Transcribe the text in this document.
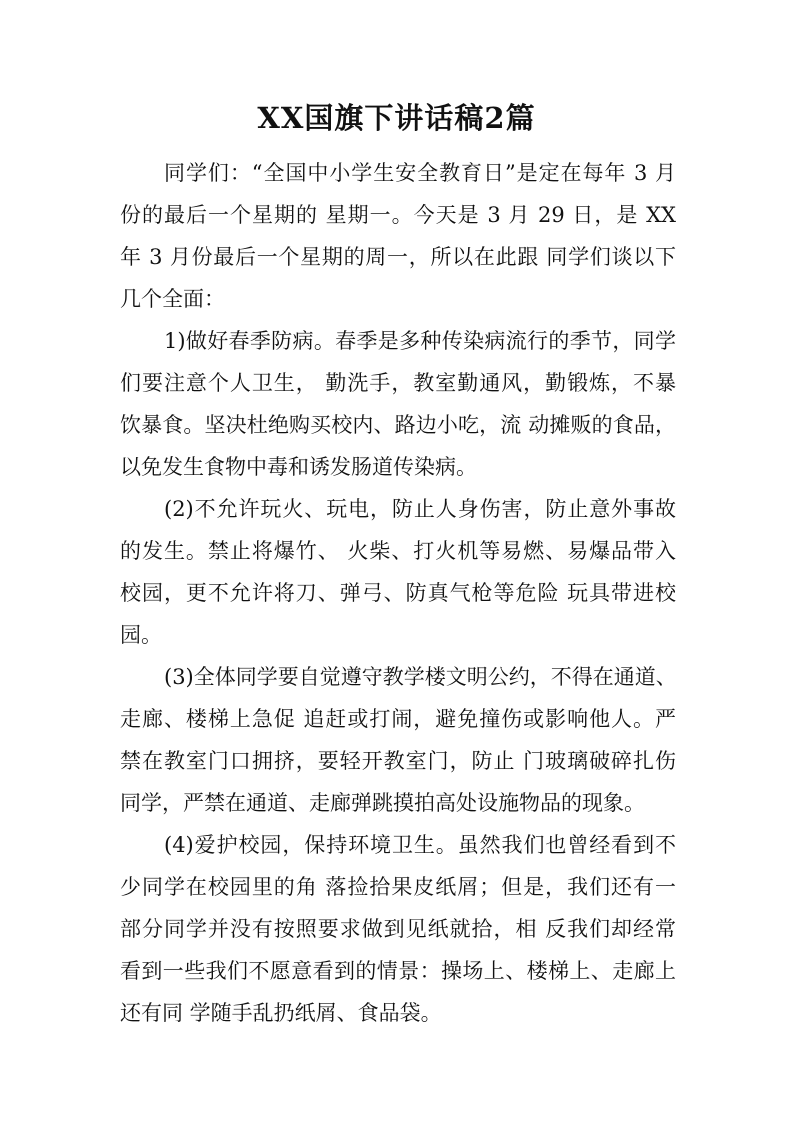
XX国旗下讲话稿2篇
同学们：“全国中小学生安全教育日”是定在每年 3 月
份的最后一个星期的 星期一。今天是 3 月 29 日，是 XX
年 3 月份最后一个星期的周一，所以在此跟 同学们谈以下
几个全面：
1)做好春季防病。春季是多种传染病流行的季节，同学
们要注意个人卫生， 勤洗手，教室勤通风，勤锻炼，不暴
饮暴食。坚决杜绝购买校内、路边小吃，流 动摊贩的食品，
以免发生食物中毒和诱发肠道传染病。
(2)不允许玩火、玩电，防止人身伤害，防止意外事故
的发生。禁止将爆竹、 火柴、打火机等易燃、易爆品带入
校园，更不允许将刀、弹弓、防真气枪等危险 玩具带进校
园。
(3)全体同学要自觉遵守教学楼文明公约，不得在通道、
走廊、楼梯上急促 追赶或打闹，避免撞伤或影响他人。严
禁在教室门口拥挤，要轻开教室门，防止 门玻璃破碎扎伤
同学，严禁在通道、走廊弹跳摸拍高处设施物品的现象。
(4)爱护校园，保持环境卫生。虽然我们也曾经看到不
少同学在校园里的角 落捡拾果皮纸屑；但是，我们还有一
部分同学并没有按照要求做到见纸就拾，相 反我们却经常
看到一些我们不愿意看到的情景：操场上、楼梯上、走廊上
还有同 学随手乱扔纸屑、食品袋。
